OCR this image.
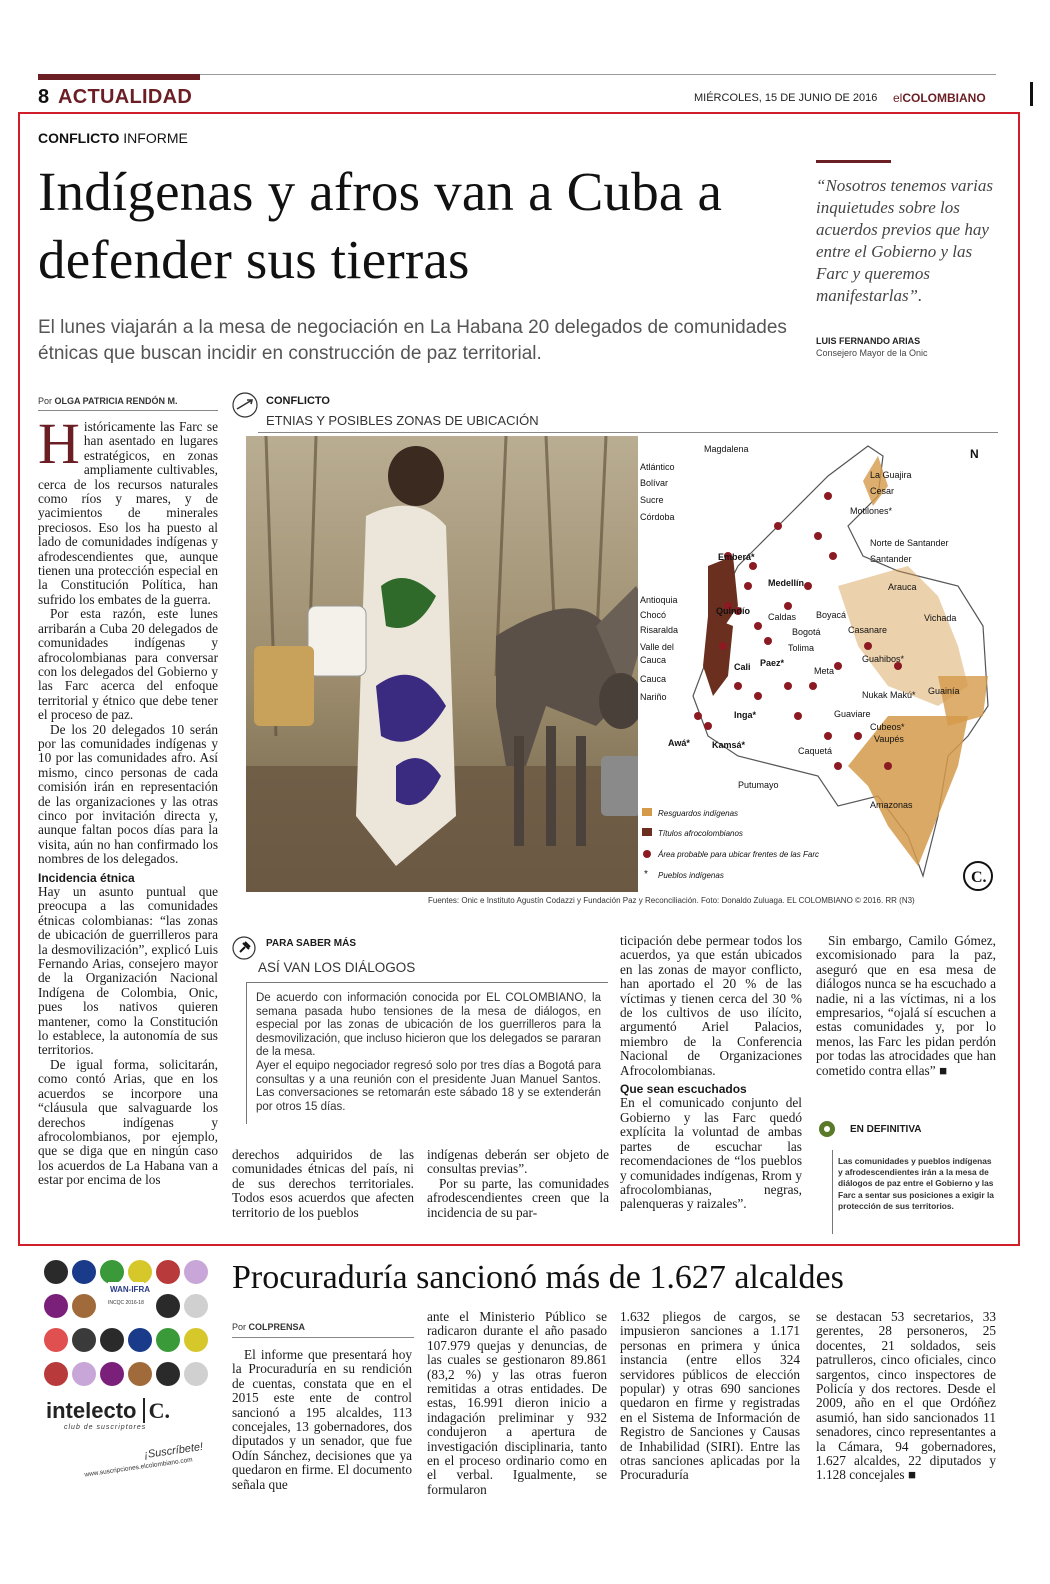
8 ACTUALIDAD	MIÉRCOLES, 15 DE JUNIO DE 2016 elCOLOMBIANO
CONFLICTO INFORME
Indígenas y afros van a Cuba a defender sus tierras
El lunes viajarán a la mesa de negociación en La Habana 20 delegados de comunidades étnicas que buscan incidir en construcción de paz territorial.
“Nosotros tenemos varias inquietudes sobre los acuerdos previos que hay entre el Gobierno y las Farc y queremos manifestarlas”.
LUIS FERNANDO ARIAS
Consejero Mayor de la Onic
Por OLGA PATRICIA RENDÓN M.

Históricamente las Farc se han asentado en lugares estratégicos, en zonas ampliamente cultivables, cerca de los recursos naturales como ríos y mares, y de yacimientos de minerales preciosos. Eso los ha puesto al lado de comunidades indígenas y afrodescendientes que, aunque tienen una protección especial en la Constitución Política, han sufrido los embates de la guerra.

Por esta razón, este lunes arribarán a Cuba 20 delegados de comunidades indígenas y afrocolombianas para conversar con los delegados del Gobierno y las Farc acerca del enfoque territorial y étnico que debe tener el proceso de paz.

De los 20 delegados 10 serán por las comunidades indígenas y 10 por las comunidades afro. Así mismo, cinco personas de cada comisión irán en representación de las organizaciones y las otras cinco por invitación directa y, aunque faltan pocos días para la visita, aún no han confirmado los nombres de los delegados.

Incidencia étnica

Hay un asunto puntual que preocupa a las comunidades étnicas colombianas: “las zonas de ubicación de guerrilleros para la desmovilización”, explicó Luis Fernando Arias, consejero mayor de la Organización Nacional Indígena de Colombia, Onic, pues los nativos quieren mantener, como la Constitución lo establece, la autonomía de sus territorios.

De igual forma, solicitarán, como contó Arias, que en los acuerdos se incorpore una “cláusula que salvaguarde los derechos indígenas y afrocolombianos, por ejemplo, que se diga que en ningún caso los acuerdos de La Habana van a estar por encima de los

CONFLICTO
ETNIAS Y POSIBLES ZONAS DE UBICACIÓN
Magdalena
Atlántico
Bolívar
Sucre
Córdoba
Antioquia
Chocó
Risaralda
Valle del
Cauca
Cauca
Nariño
La Guajira
Cesar
Motilones*
Norte de Santander
Santander
Arauca
Boyacá	Vichada
Casanare
Caldas
Bogotá
Tolima
Meta
Guahibos*
Nukak Makú* Guainía
Guaviare
Cubeos*
Vaupés
Caquetá
Putumayo
Amazonas
Emberá*
Medellín
Quindío
Cali Paez*
Inga*
Awá* Kamsá*
N
*
Resguardos indígenas
Títulos afrocolombianos
Área probable para ubicar frentes de las Farc
Pueblos indígenas	C.
Fuentes: Onic e Instituto Agustín Codazzi y Fundación Paz y Reconciliación. Foto: Donaldo Zuluaga. EL COLOMBIANO © 2016. RR (N3)
PARA SABER MÁS
ASÍ VAN LOS DIÁLOGOS

De acuerdo con información conocida por EL COLOMBIANO, la semana pasada hubo tensiones de la mesa de diálogos, en especial por las zonas de ubicación de los guerrilleros para la desmovilización, que incluso hicieron que los delegados se pararan de la mesa.

Ayer el equipo negociador regresó solo por tres días a Bogotá para consultas y a una reunión con el presidente Juan Manuel Santos. Las conversaciones se retomarán este sábado 18 y se extenderán por otros 15 días.

derechos adquiridos de las comunidades étnicas del país, ni de sus derechos territoriales. Todos esos acuerdos que afecten territorio de los pueblos

indígenas deberán ser objeto de consultas previas”.

Por su parte, las comunidades afrodescendientes creen que la incidencia de su par-

ticipación debe permear todos los acuerdos, ya que están ubicados en las zonas de mayor conflicto, han aportado el 20 % de las víctimas y tienen cerca del 30 % de los cultivos de uso ilícito, argumentó Ariel Palacios, miembro de la Conferencia Nacional de Organizaciones Afrocolombianas.

Que sean escuchados

En el comunicado conjunto del Gobierno y las Farc quedó explícita la voluntad de ambas partes de escuchar las recomendaciones de “los pueblos y comunidades indígenas, Rrom y afrocolombianas, negras, palenqueras y raizales”.

Sin embargo, Camilo Gómez, excomisionado para la paz, aseguró que en esa mesa de diálogos nunca se ha escuchado a nadie, ni a las víctimas, ni a los empresarios, “ojalá sí escuchen a estas comunidades y, por lo menos, las Farc les pidan perdón por todas las atrocidades que han cometido contra ellas” ■

EN DEFINITIVA
Las comunidades y pueblos indígenas y afrodescendientes irán a la mesa de diálogos de paz entre el Gobierno y las Farc a sentar sus posiciones a exigir la protección de sus territorios.
WAN-IFRA
INCQC 2016-18
intelecto C.
club de suscriptores
¡Suscríbete!
www.suscripciones.elcolombiano.com
Procuraduría sancionó más de 1.627 alcaldes
Por COLPRENSA

El informe que presentará hoy la Procuraduría en su rendición de cuentas, constata que en el 2015 este ente de control sancionó a 195 alcaldes, 113 concejales, 13 gobernadores, dos diputados y un senador, que fue Odín Sánchez, decisiones que ya quedaron en firme. El documento señala que

ante el Ministerio Público se radicaron durante el año pasado 107.979 quejas y denuncias, de las cuales se gestionaron 89.861 (83,2 %) y las otras fueron remitidas a otras entidades. De estas, 16.991 dieron inicio a indagación preliminar y 932 condujeron a apertura de investigación disciplinaria, tanto en el proceso ordinario como en el verbal. Igualmente, se formularon

1.632 pliegos de cargos, se impusieron sanciones a 1.171 personas en primera y única instancia (entre ellos 324 servidores públicos de elección popular) y otras 690 sanciones quedaron en firme y registradas en el Sistema de Información de Registro de Sanciones y Causas de Inhabilidad (SIRI). Entre las otras sanciones aplicadas por la Procuraduría

se destacan 53 secretarios, 33 gerentes, 28 personeros, 25 docentes, 21 soldados, seis patrulleros, cinco oficiales, cinco sargentos, cinco inspectores de Policía y dos rectores. Desde el 2009, año en el que Ordóñez asumió, han sido sancionados 11 senadores, cinco representantes a la Cámara, 94 gobernadores, 1.627 alcaldes, 22 diputados y 1.128 concejales ■
